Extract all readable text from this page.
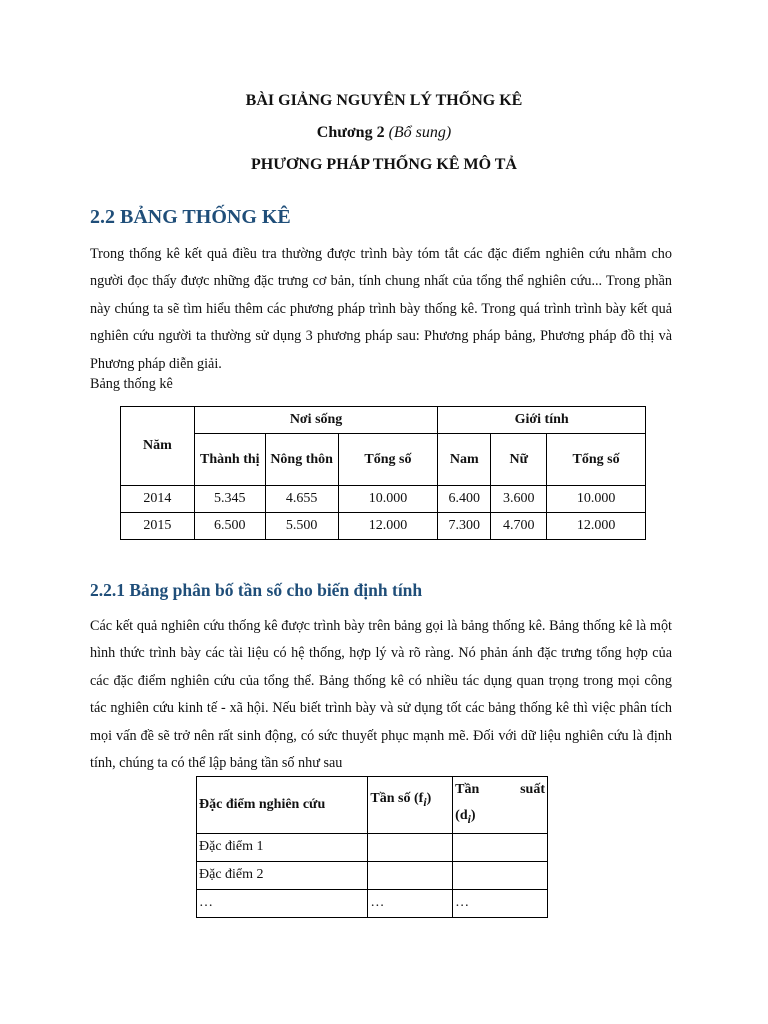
BÀI GIẢNG NGUYÊN LÝ THỐNG KÊ
Chương 2 (Bổ sung)
PHƯƠNG PHÁP THỐNG KÊ MÔ TẢ
2.2 BẢNG THỐNG KÊ

Trong thống kê kết quả điều tra thường được trình bày tóm tắt các đặc điểm nghiên cứu nhằm cho người đọc thấy được những đặc trưng cơ bản, tính chung nhất của tổng thể nghiên cứu... Trong phần này chúng ta sẽ tìm hiểu thêm các phương pháp trình bày thống kê. Trong quá trình trình bày kết quả nghiên cứu người ta thường sử dụng 3 phương pháp sau: Phương pháp bảng, Phương pháp đồ thị và Phương pháp diễn giải.

Bảng thống kê
Năm	Nơi sống			Giới tính		
	Thành thị	Nông thôn	Tổng số	Nam	Nữ	Tổng số
2014	5.345	4.655	10.000	6.400	3.600	10.000
2015	6.500	5.500	12.000	7.300	4.700	12.000
2.2.1 Bảng phân bố tần số cho biến định tính

Các kết quả nghiên cứu thống kê được trình bày trên bảng gọi là bảng thống kê. Bảng thống kê là một hình thức trình bày các tài liệu có hệ thống, hợp lý và rõ ràng. Nó phản ánh đặc trưng tổng hợp của các đặc điểm nghiên cứu của tổng thể. Bảng thống kê có nhiều tác dụng quan trọng trong mọi công tác nghiên cứu kinh tế - xã hội. Nếu biết trình bày và sử dụng tốt các bảng thống kê thì việc phân tích mọi vấn đề sẽ trở nên rất sinh động, có sức thuyết phục mạnh mẽ. Đối với dữ liệu nghiên cứu là định tính, chúng ta có thể lập bảng tần số như sau

Đặc điểm nghiên cứu	Tần số $(f_i)$	Tần suất
$(d_i)$
Đặc điểm 1		
Đặc điểm 2		
…	…	…
